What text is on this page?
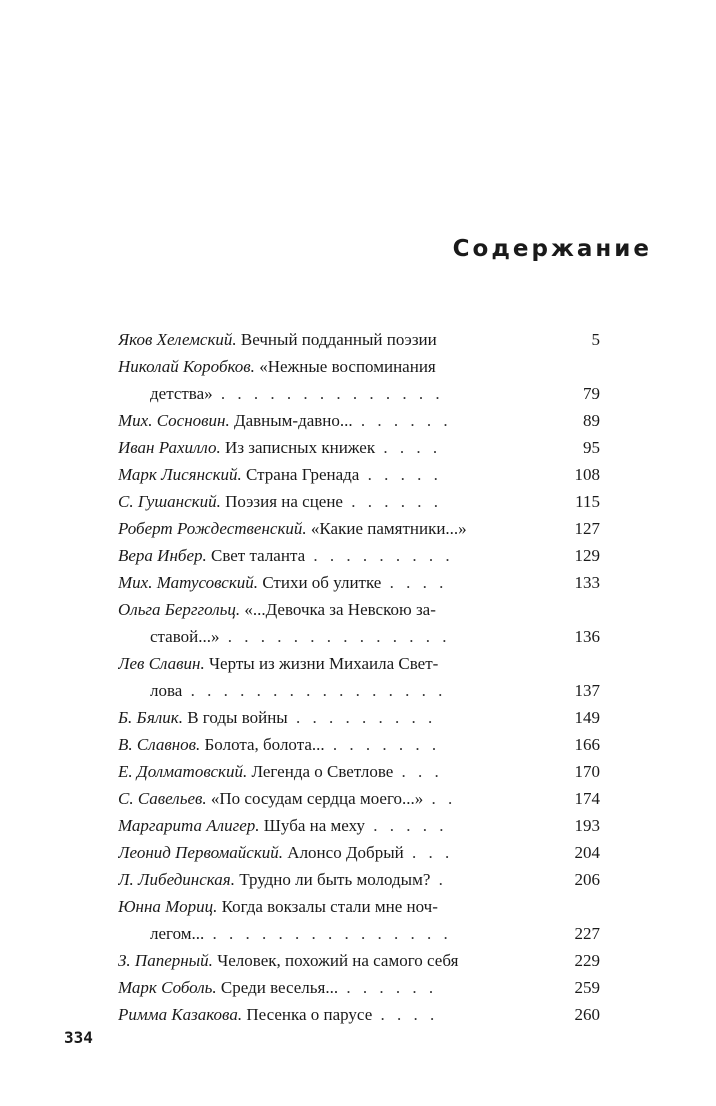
Содержание
Яков Хелемский. Вечный подданный поэзии	5
Николай Коробков. «Нежные воспоминания
детства» . . . . . . . . . . . . . .	79
Мих. Сосновин. Давным-давно... . . . . . .	89
Иван Рахилло. Из записных книжек . . . .	95
Марк Лисянский. Страна Гренада . . . . .	108
С. Гушанский. Поэзия на сцене . . . . . .	115
Роберт Рождественский. «Какие памятники...»	127
Вера Инбер. Свет таланта . . . . . . . . .	129
Мих. Матусовский. Стихи об улитке . . . .	133
Ольга Берггольц. «...Девочка за Невскою за-
ставой...» . . . . . . . . . . . . . .	136
Лев Славин. Черты из жизни Михаила Свет-
лова . . . . . . . . . . . . . . . .	137
Б. Бялик. В годы войны . . . . . . . . .	149
В. Славнов. Болота, болота... . . . . . . .	166
Е. Долматовский. Легенда о Светлове . . .	170
С. Савельев. «По сосудам сердца моего...» . .	174
Маргарита Алигер. Шуба на меху . . . . .	193
Леонид Первомайский. Алонсо Добрый . . .	204
Л. Либединская. Трудно ли быть молодым? .	206
Юнна Мориц. Когда вокзалы стали мне ноч-
легом... . . . . . . . . . . . . . . .	227
З. Паперный. Человек, похожий на самого себя	229
Марк Соболь. Среди веселья... . . . . . .	259
Римма Казакова. Песенка о парусе . . . .	260
334
